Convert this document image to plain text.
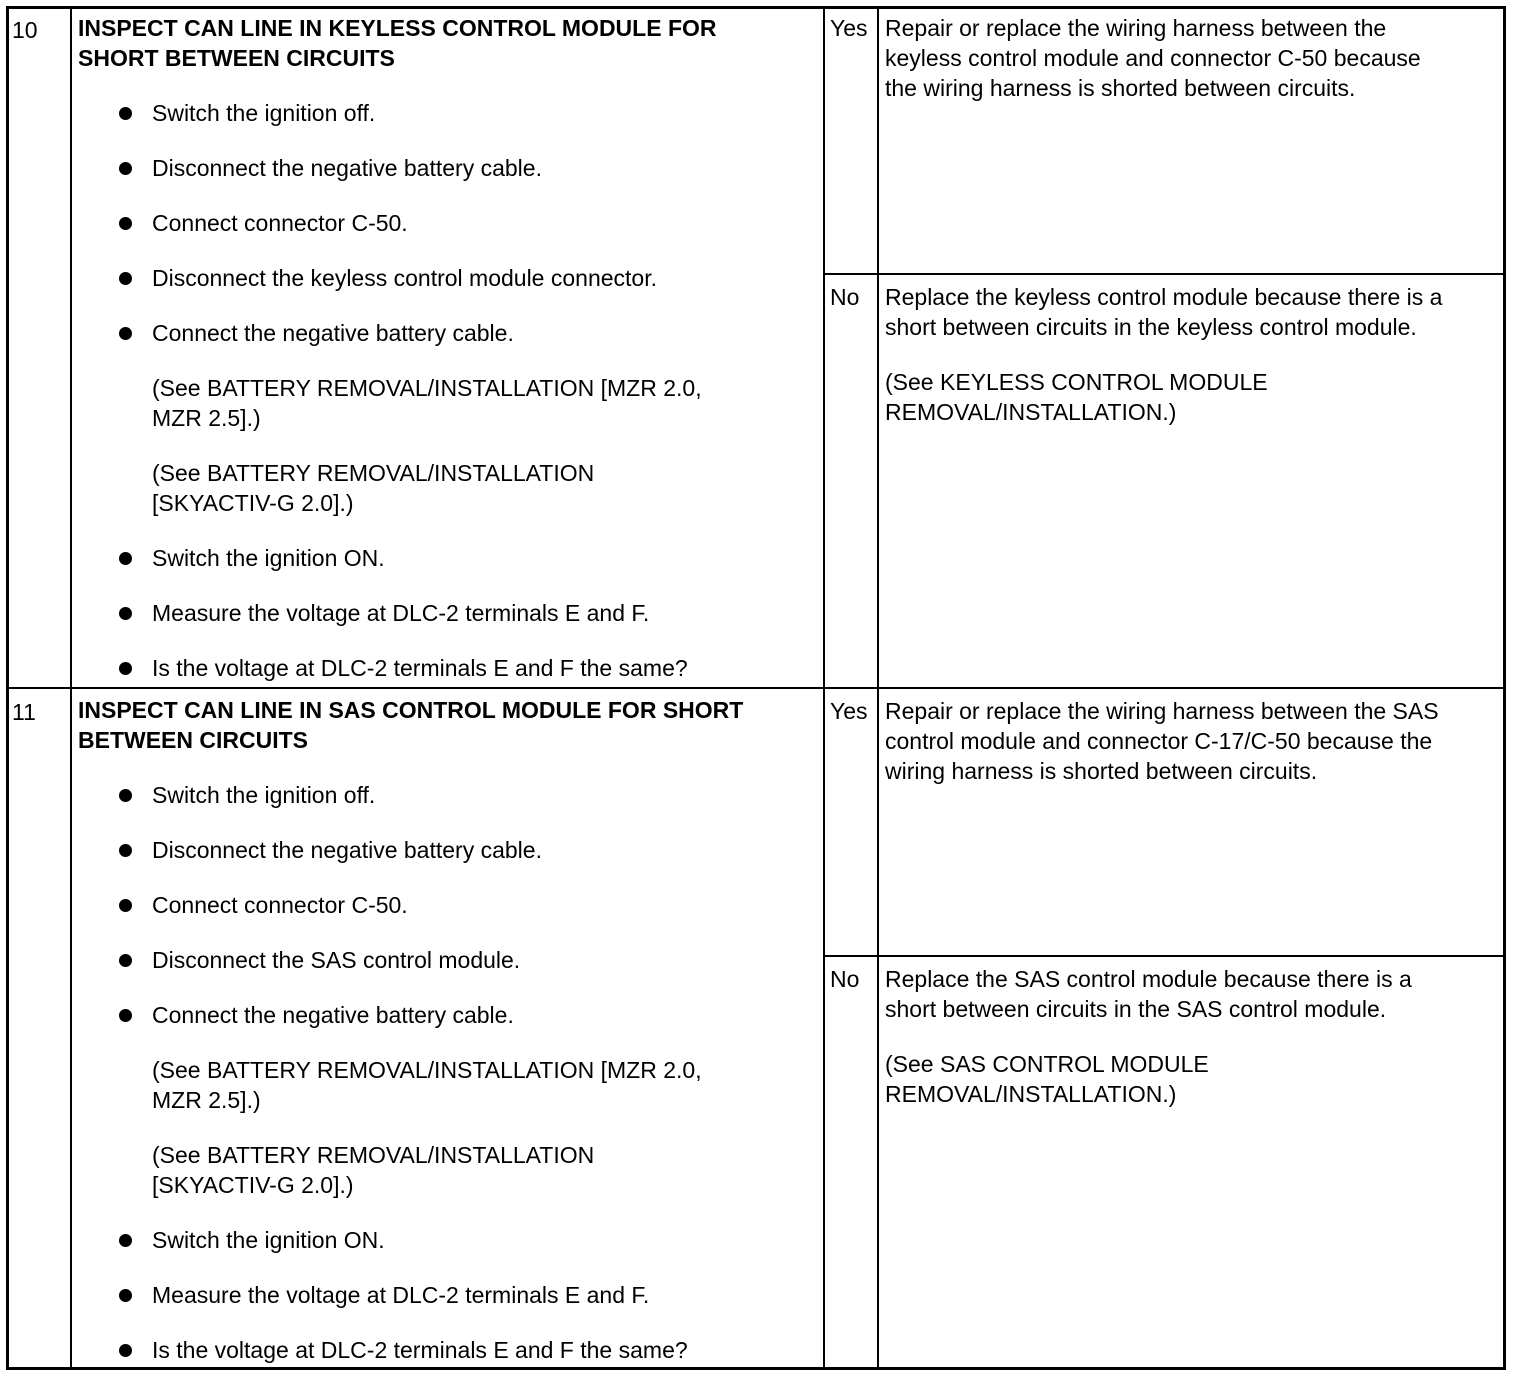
10 INSPECT CAN LINE IN KEYLESS CONTROL MODULE FOR
SHORT BETWEEN CIRCUITS
Switch the ignition off.
Disconnect the negative battery cable.
Connect connector C-50.
Disconnect the keyless control module connector.
Connect the negative battery cable.
(See BATTERY REMOVAL/INSTALLATION [MZR 2.0,
MZR 2.5].)
(See BATTERY REMOVAL/INSTALLATION
[SKYACTIV-G 2.0].)
Switch the ignition ON.
Measure the voltage at DLC-2 terminals E and F.
Is the voltage at DLC-2 terminals E and F the same?
Yes Repair or replace the wiring harness between the
keyless control module and connector C-50 because
the wiring harness is shorted between circuits.
No Replace the keyless control module because there is a
short between circuits in the keyless control module.
(See KEYLESS CONTROL MODULE
REMOVAL/INSTALLATION.)
11 INSPECT CAN LINE IN SAS CONTROL MODULE FOR SHORT
BETWEEN CIRCUITS
Switch the ignition off.
Disconnect the negative battery cable.
Connect connector C-50.
Disconnect the SAS control module.
Connect the negative battery cable.
(See BATTERY REMOVAL/INSTALLATION [MZR 2.0,
MZR 2.5].)
(See BATTERY REMOVAL/INSTALLATION
[SKYACTIV-G 2.0].)
Switch the ignition ON.
Measure the voltage at DLC-2 terminals E and F.
Is the voltage at DLC-2 terminals E and F the same?
Yes Repair or replace the wiring harness between the SAS
control module and connector C-17/C-50 because the
wiring harness is shorted between circuits.
No Replace the SAS control module because there is a
short between circuits in the SAS control module.
(See SAS CONTROL MODULE
REMOVAL/INSTALLATION.)
